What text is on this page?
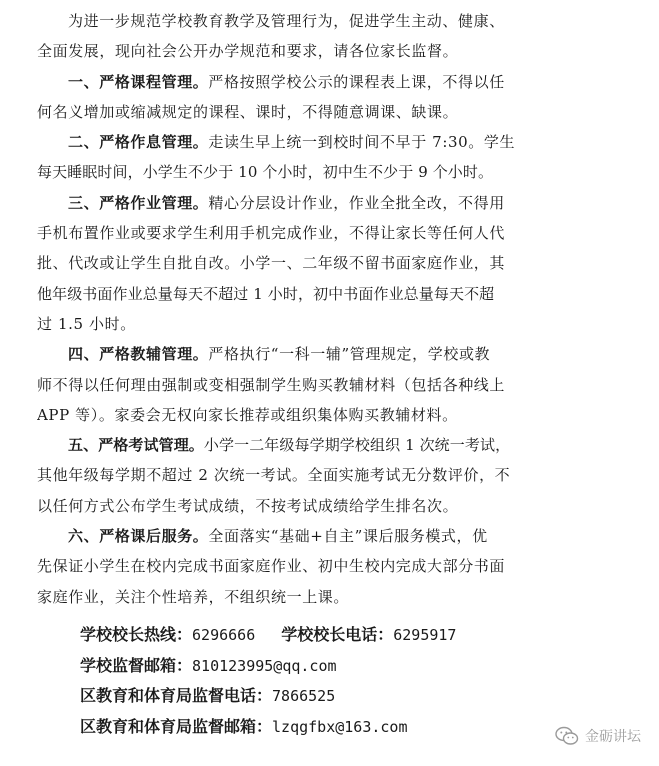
为进一步规范学校教育教学及管理行为，促进学生主动、健康、
全面发展，现向社会公开办学规范和要求，请各位家长监督。
一、严格课程管理。严格按照学校公示的课程表上课，不得以任
何名义增加或缩减规定的课程、课时，不得随意调课、缺课。
二、严格作息管理。走读生早上统一到校时间不早于 7:30。学生
每天睡眠时间，小学生不少于 10 个小时，初中生不少于 9 个小时。
三、严格作业管理。精心分层设计作业，作业全批全改，不得用
手机布置作业或要求学生利用手机完成作业，不得让家长等任何人代
批、代改或让学生自批自改。小学一、二年级不留书面家庭作业，其
他年级书面作业总量每天不超过 1 小时，初中书面作业总量每天不超
过 1.5 小时。
四、严格教辅管理。严格执行“一科一辅”管理规定，学校或教
师不得以任何理由强制或变相强制学生购买教辅材料（包括各种线上
APP 等）。家委会无权向家长推荐或组织集体购买教辅材料。
五、严格考试管理。小学一二年级每学期学校组织 1 次统一考试，
其他年级每学期不超过 2 次统一考试。全面实施考试无分数评价，不
以任何方式公布学生考试成绩，不按考试成绩给学生排名次。
六、严格课后服务。全面落实“基础+自主”课后服务模式，优
先保证小学生在校内完成书面家庭作业、初中生校内完成大部分书面
家庭作业，关注个性培养，不组织统一上课。
学校校长热线：6296666 学校校长电话：6295917
学校监督邮箱：810123995@qq.com
区教育和体育局监督电话：7866525
区教育和体育局监督邮箱：lzqgfbx@163.com
金砺讲坛
